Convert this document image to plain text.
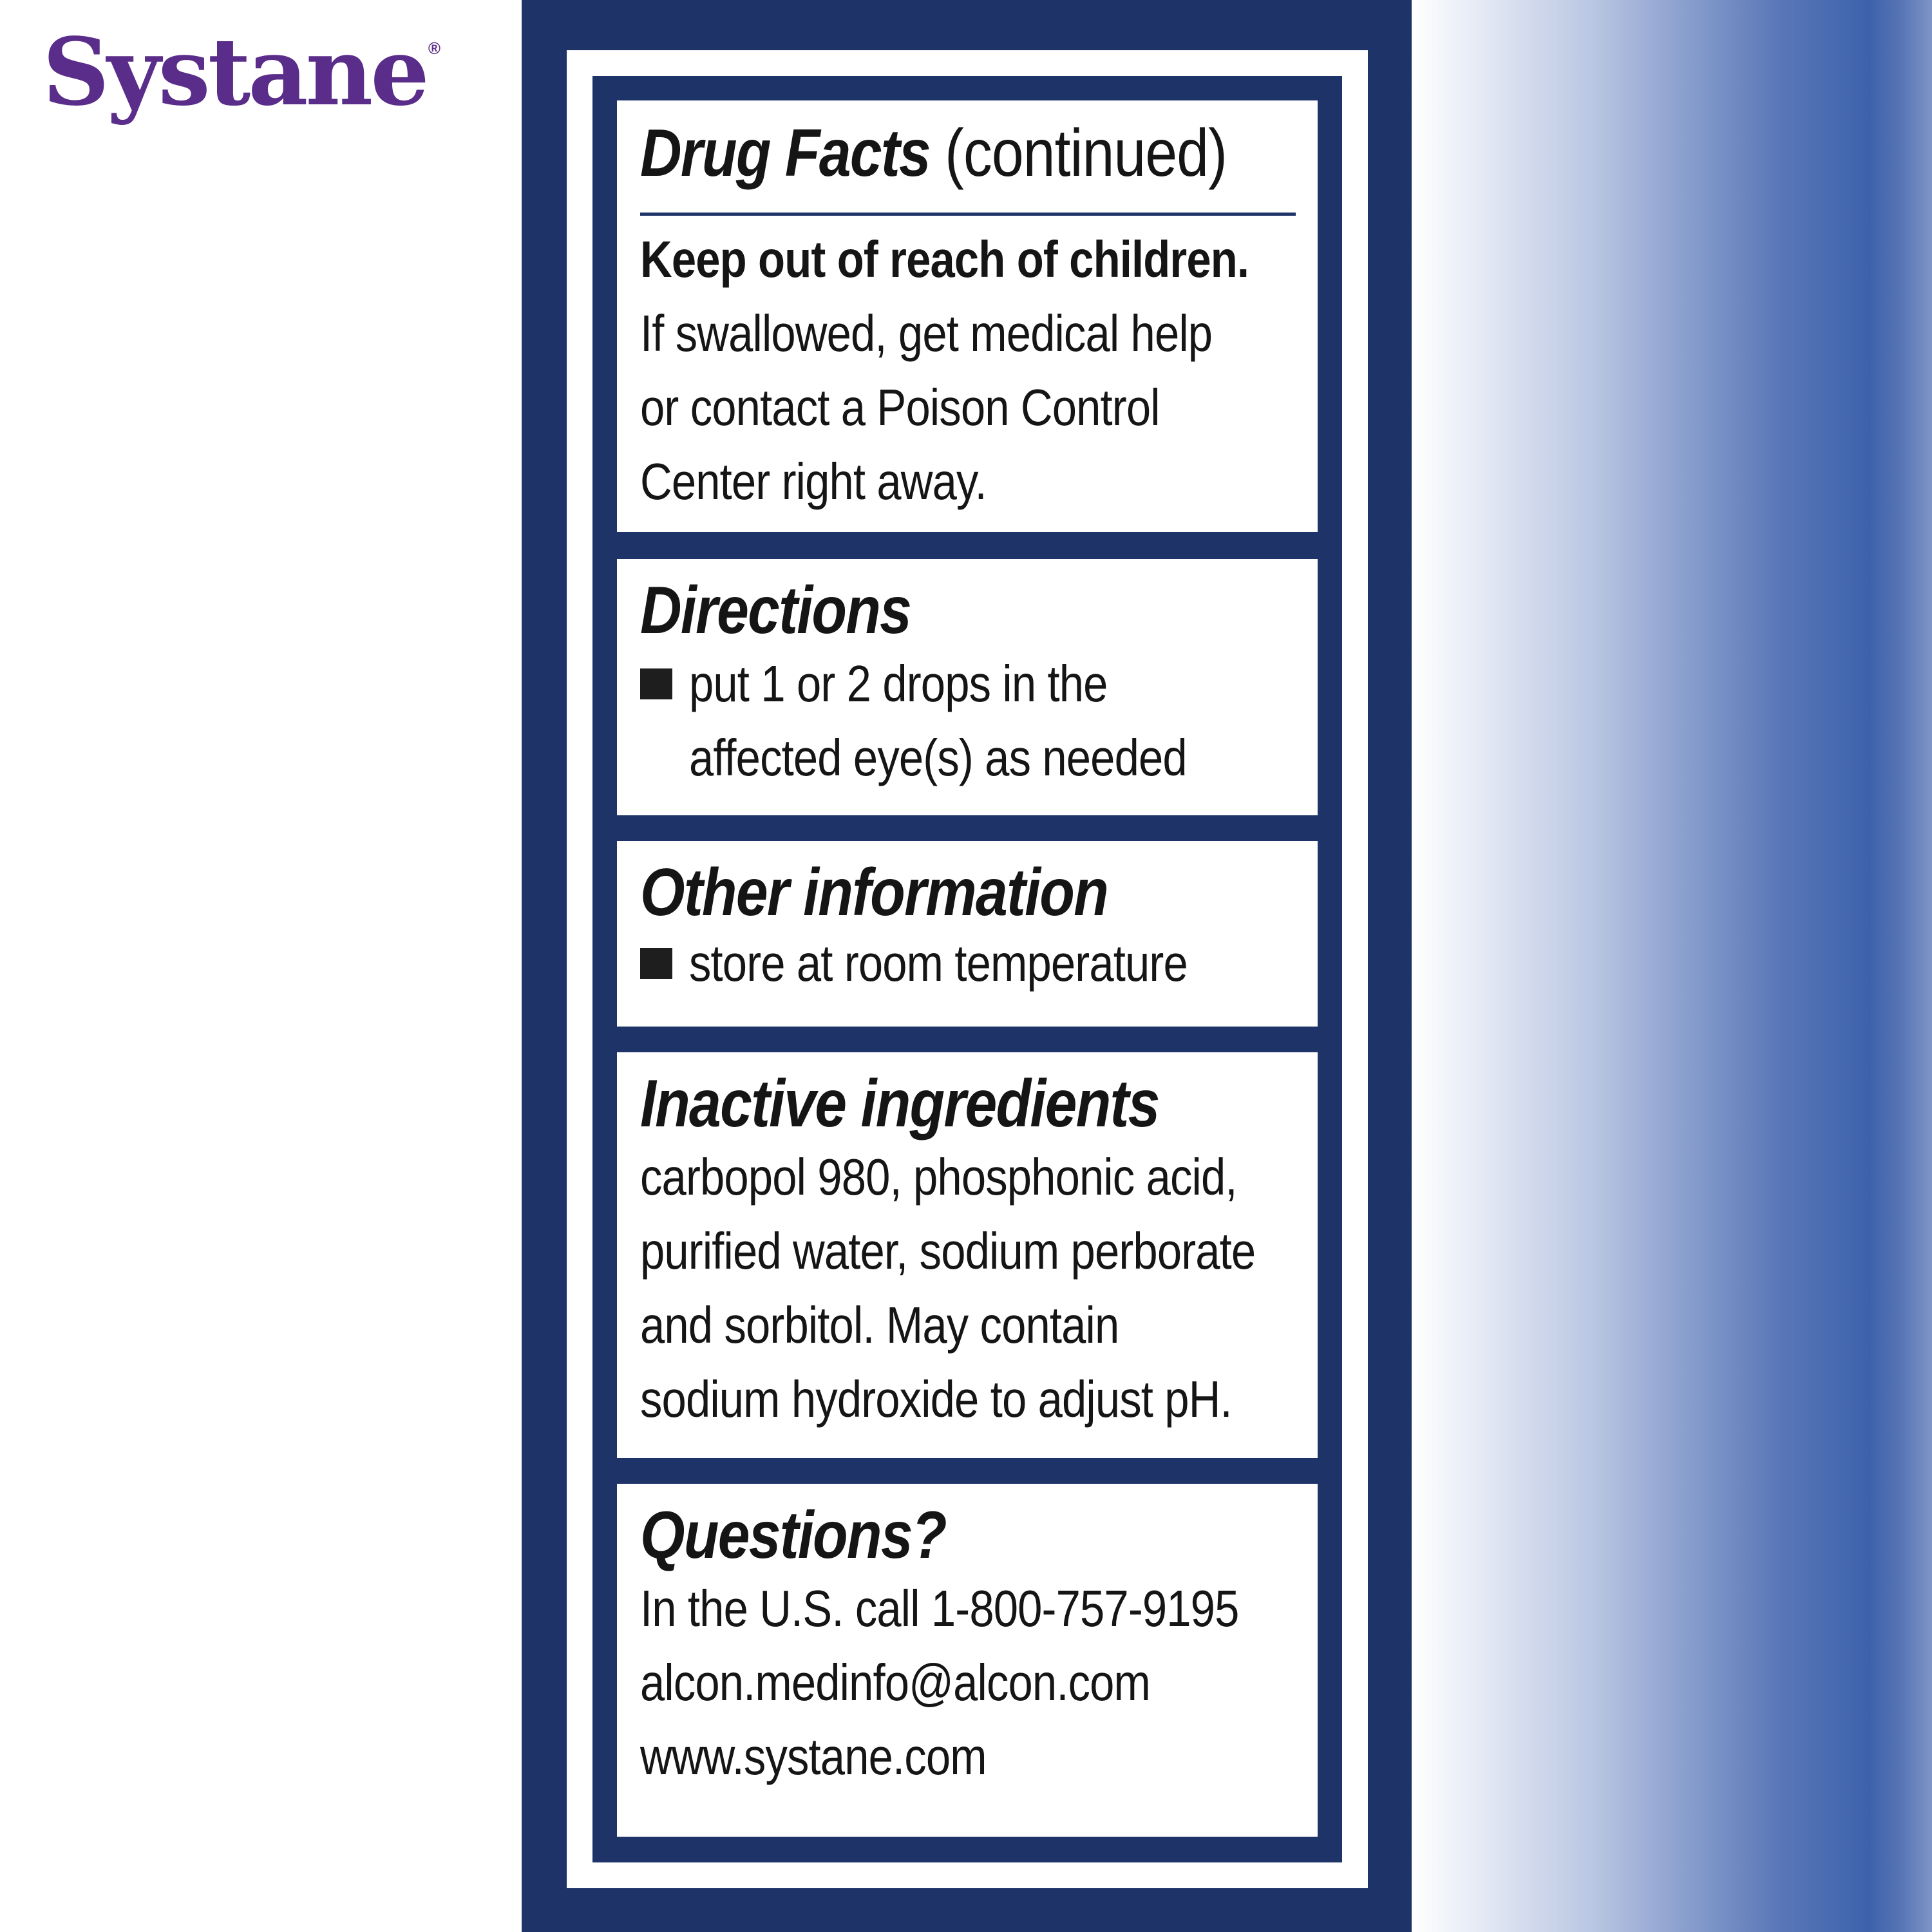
Systane®
Drug Facts (continued)
Keep out of reach of children.
If swallowed, get medical help
or contact a Poison Control
Center right away.
Directions
put 1 or 2 drops in the
affected eye(s) as needed
Other information
store at room temperature
Inactive ingredients
carbopol 980, phosphonic acid,
purified water, sodium perborate
and sorbitol. May contain
sodium hydroxide to adjust pH.
Questions?
In the U.S. call 1-800-757-9195
alcon.medinfo@alcon.com
www.systane.com
